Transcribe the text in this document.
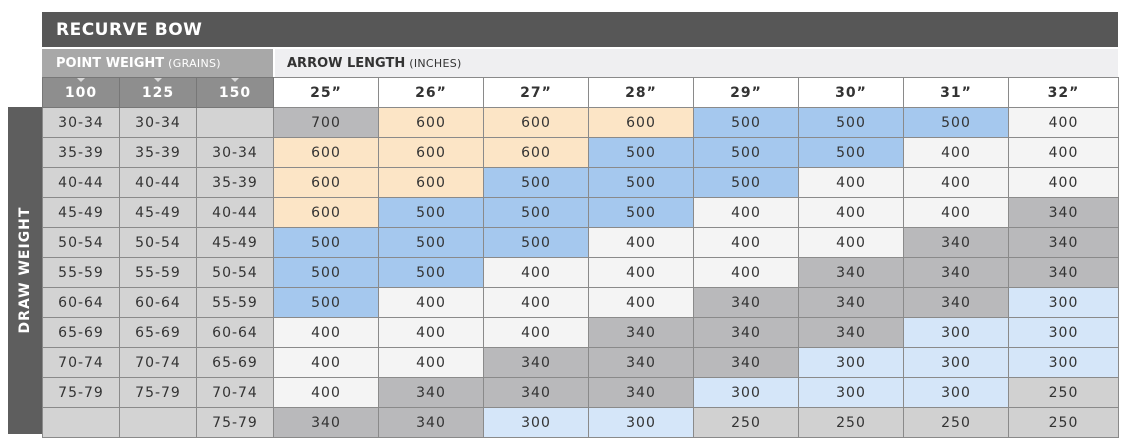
RECURVE BOW
POINT WEIGHT (GRAINS)	ARROW LENGTH (INCHES)
DRAW WEIGHT
100	125	150	25”	26”	27”	28”	29”	30”	31”	32”
30-34	30-34		700	600	600	600	500	500	500	400
35-39	35-39	30-34	600	600	600	500	500	500	400	400
40-44	40-44	35-39	600	600	500	500	500	400	400	400
45-49	45-49	40-44	600	500	500	500	400	400	400	340
50-54	50-54	45-49	500	500	500	400	400	400	340	340
55-59	55-59	50-54	500	500	400	400	400	340	340	340
60-64	60-64	55-59	500	400	400	400	340	340	340	300
65-69	65-69	60-64	400	400	400	340	340	340	300	300
70-74	70-74	65-69	400	400	340	340	340	300	300	300
75-79	75-79	70-74	400	340	340	340	300	300	300	250
		75-79	340	340	300	300	250	250	250	250
